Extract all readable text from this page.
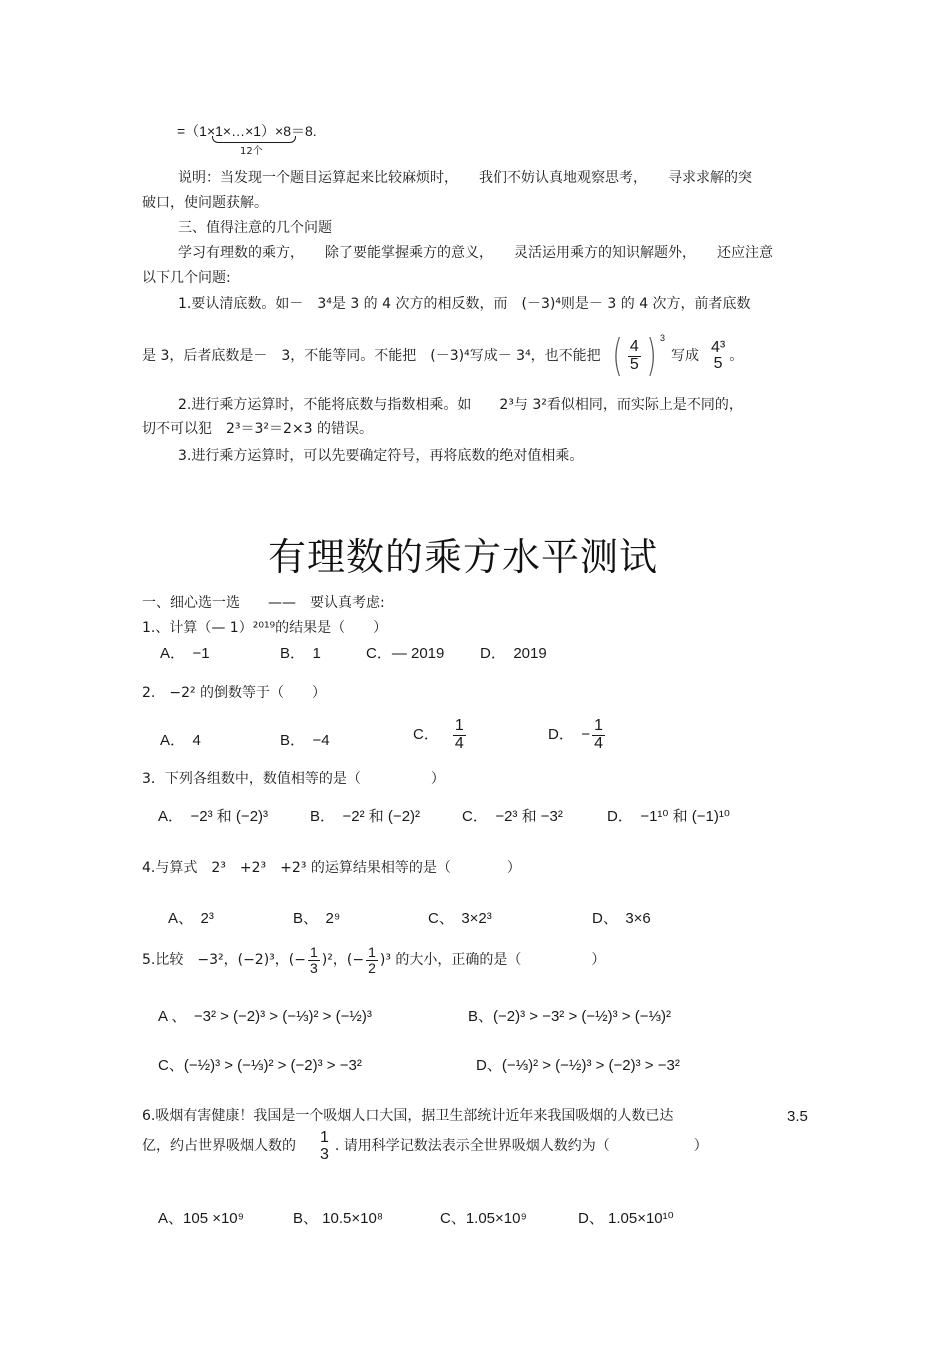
=（1×1×…×1）×8＝8.
12个
说明：当发现一个题目运算起来比较麻烦时，　　我们不妨认真地观察思考，　　寻求求解的突
破口，使问题获解。
三、值得注意的几个问题
学习有理数的乘方，　　除了要能掌握乘方的意义，　　灵活运用乘方的知识解题外，　　还应注意
以下几个问题:
1.要认清底数。如－　3⁴是 3 的 4 次方的相反数，而　(－3)⁴则是－ 3 的 4 次方，前者底数
是 3，后者底数是－　3，不能等同。不能把　(－3)⁴写成－ 3⁴，也不能把 ( $\frac{4}{5}$ ) 3
写成
4³
5 。
2.进行乘方运算时，不能将底数与指数相乘。如　　2³与 3²看似相同，而实际上是不同的，
切不可以犯　2³＝3²＝2×3 的错误。
3.进行乘方运算时，可以先要确定符号，再将底数的绝对值相乘。
有理数的乘方水平测试
一、细心选一选　　——　要认真考虑:
1.、计算（— 1）²⁰¹⁹的结果是（　　）
A．　−1	B．　1	C．— 2019 D．　2019
2.　−2² 的倒数等于（　　）
A．　4	B．　−4	C． $\frac{1}{4}$	D．　− $\frac{1}{4}$
3．下列各组数中，数值相等的是（　　　　　）
A．　−2³ 和 (−2)³	B．　−2² 和 (−2)²	C．　−2³ 和 −3²	D．　−1¹⁰ 和 (−1)¹⁰
4.与算式　2³　+2³　+2³ 的运算结果相等的是（　　　　）
A、　2³	B、　2⁹	C、　3×2³	D、　3×6
5.比较　−3²，(−2)³，(− $\frac{1}{3} )^2$，(− $\frac{1}{2} )^3$ 的大小，正确的是（　　　　　）
A 、　−3² > (−2)³ > (−⅓)² > (−½)³	B、(−2)³ > −3² > (−½)³ > (−⅓)²
C、(−½)³ > (−⅓)² > (−2)³ > −3²	D、(−⅓)² > (−½)³ > (−2)³ > −3²
6.吸烟有害健康！我国是一个吸烟人口大国，据卫生部统计近年来我国吸烟的人数已达	3.5
亿，约占世界吸烟人数的
1
3 . 请用科学记数法表示全世界吸烟人数约为（　　　　　　）
A、105 ×10⁹	B、 10.5×10⁸	C、1.05×10⁹	D、 1.05×10¹⁰
